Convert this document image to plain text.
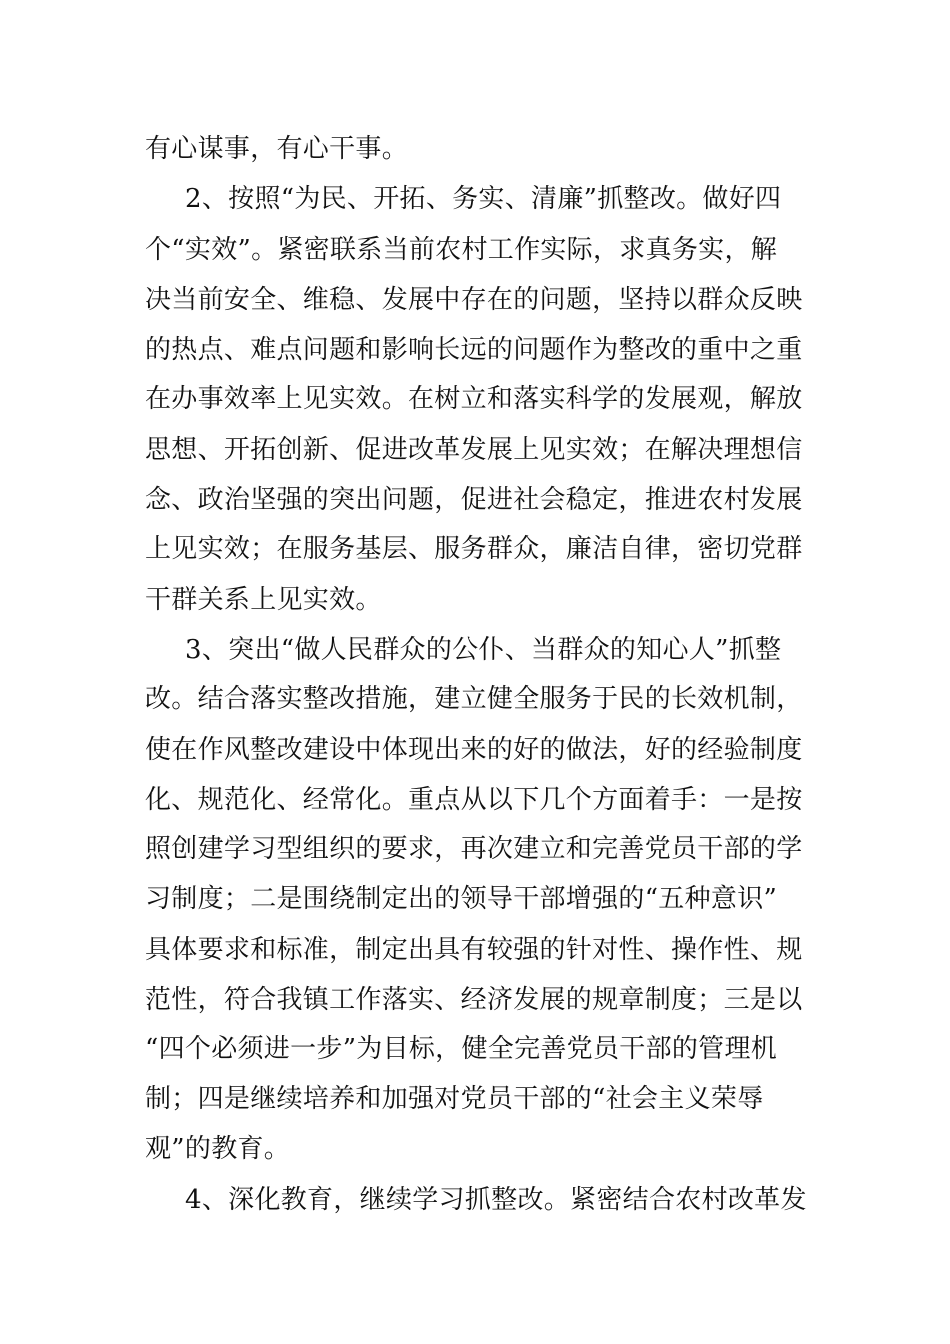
有心谋事，有心干事。
2、按照“为民、开拓、务实、清廉”抓整改。做好四
个“实效”。紧密联系当前农村工作实际，求真务实，解
决当前安全、维稳、发展中存在的问题，坚持以群众反映
的热点、难点问题和影响长远的问题作为整改的重中之重
在办事效率上见实效。在树立和落实科学的发展观，解放
思想、开拓创新、促进改革发展上见实效；在解决理想信
念、政治坚强的突出问题，促进社会稳定，推进农村发展
上见实效；在服务基层、服务群众，廉洁自律，密切党群
干群关系上见实效。
3、突出“做人民群众的公仆、当群众的知心人”抓整
改。结合落实整改措施，建立健全服务于民的长效机制，
使在作风整改建设中体现出来的好的做法，好的经验制度
化、规范化、经常化。重点从以下几个方面着手：一是按
照创建学习型组织的要求，再次建立和完善党员干部的学
习制度；二是围绕制定出的领导干部增强的“五种意识”
具体要求和标准，制定出具有较强的针对性、操作性、规
范性，符合我镇工作落实、经济发展的规章制度；三是以
“四个必须进一步”为目标，健全完善党员干部的管理机
制；四是继续培养和加强对党员干部的“社会主义荣辱
观”的教育。
4、深化教育，继续学习抓整改。紧密结合农村改革发
